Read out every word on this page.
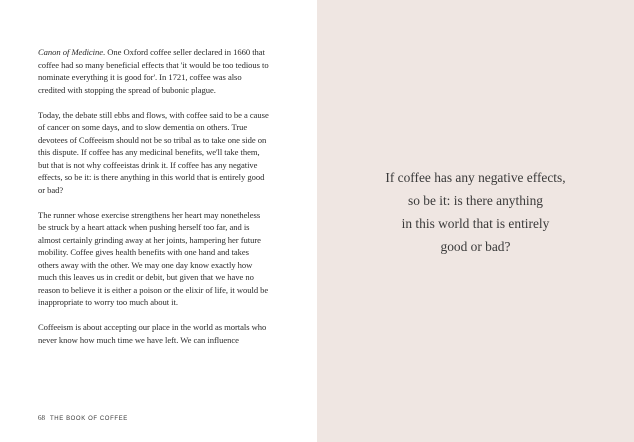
Canon of Medicine. One Oxford coffee seller declared in 1660 that coffee had so many beneficial effects that 'it would be too tedious to nominate everything it is good for'. In 1721, coffee was also credited with stopping the spread of bubonic plague.

Today, the debate still ebbs and flows, with coffee said to be a cause of cancer on some days, and to slow dementia on others. True devotees of Coffeeism should not be so tribal as to take one side on this dispute. If coffee has any medicinal benefits, we'll take them, but that is not why coffeeistas drink it. If coffee has any negative effects, so be it: is there anything in this world that is entirely good or bad?

The runner whose exercise strengthens her heart may nonetheless be struck by a heart attack when pushing herself too far, and is almost certainly grinding away at her joints, hampering her future mobility. Coffee gives health benefits with one hand and takes others away with the other. We may one day know exactly how much this leaves us in credit or debit, but given that we have no reason to believe it is either a poison or the elixir of life, it would be inappropriate to worry too much about it.

Coffeeism is about accepting our place in the world as mortals who never know how much time we have left. We can influence

68 THE BOOK OF COFFEE
If coffee has any negative effects,
so be it: is there anything
in this world that is entirely
good or bad?
